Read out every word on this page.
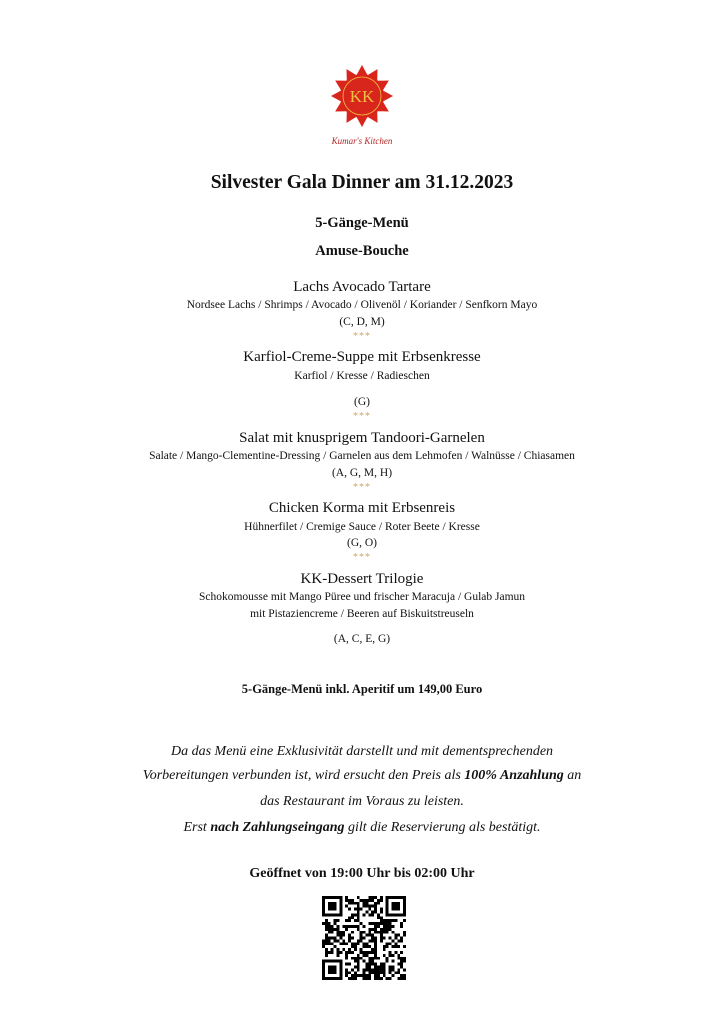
KK
Kumar's Kitchen
Silvester Gala Dinner am 31.12.2023
5-Gänge-Menü
Amuse-Bouche
Lachs Avocado Tartare
Nordsee Lachs / Shrimps / Avocado / Olivenöl / Koriander / Senfkorn Mayo
(C, D, M)
***
Karfiol-Creme-Suppe mit Erbsenkresse
Karfiol / Kresse / Radieschen
(G)
***
Salat mit knusprigem Tandoori-Garnelen
Salate / Mango-Clementine-Dressing / Garnelen aus dem Lehmofen / Walnüsse / Chiasamen
(A, G, M, H)
***
Chicken Korma mit Erbsenreis
Hühnerfilet / Cremige Sauce / Roter Beete / Kresse
(G, O)
***
KK-Dessert Trilogie
Schokomousse mit Mango Püree und frischer Maracuja / Gulab Jamun
mit Pistaziencreme / Beeren auf Biskuitstreuseln
(A, C, E, G)
5-Gänge-Menü inkl. Aperitif um 149,00 Euro
Da das Menü eine Exklusivität darstellt und mit dementsprechenden
Vorbereitungen verbunden ist, wird ersucht den Preis als 100% Anzahlung an
das Restaurant im Voraus zu leisten.
Erst nach Zahlungseingang gilt die Reservierung als bestätigt.
Geöffnet von 19:00 Uhr bis 02:00 Uhr
